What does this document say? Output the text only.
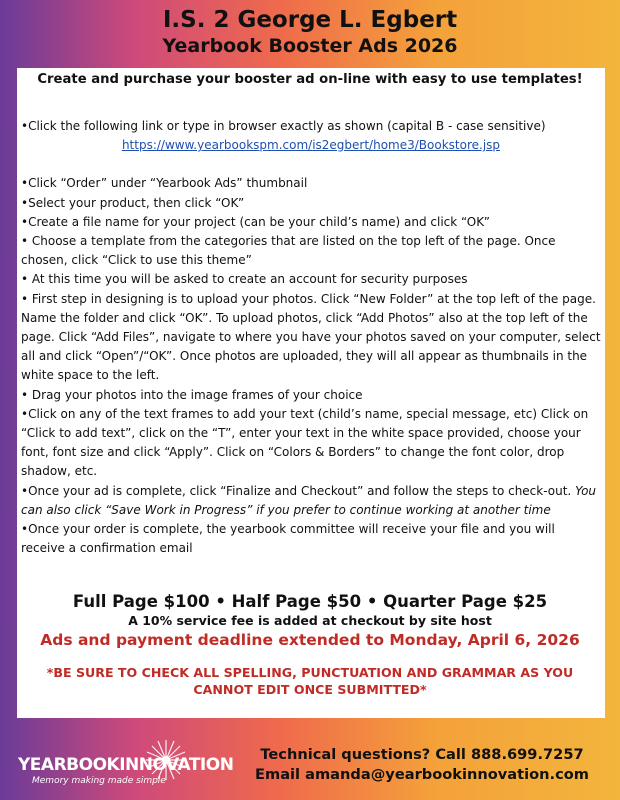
I.S. 2 George L. Egbert
Yearbook Booster Ads 2026
Create and purchase your booster ad on-line with easy to use templates!

•Click the following link or type in browser exactly as shown (capital B - case sensitive)

https://www.yearbookspm.com/is2egbert/home3/Bookstore.jsp

•Click “Order” under “Yearbook Ads” thumbnail

•Select your product, then click “OK”

•Create a file name for your project (can be your child’s name) and click “OK”

• Choose a template from the categories that are listed on the top left of the page. Once chosen, click “Click to use this theme”

• At this time you will be asked to create an account for security purposes

• First step in designing is to upload your photos. Click “New Folder” at the top left of the page. Name the folder and click “OK”. To upload photos, click “Add Photos” also at the top left of the page. Click “Add Files”, navigate to where you have your photos saved on your computer, select all and click “Open”/“OK”. Once photos are uploaded, they will all appear as thumbnails in the white space to the left.

• Drag your photos into the image frames of your choice

•Click on any of the text frames to add your text (child’s name, special message, etc) Click on “Click to add text”, click on the “T”, enter your text in the white space provided, choose your font, font size and click “Apply”. Click on “Colors & Borders” to change the font color, drop shadow, etc.

•Once your ad is complete, click “Finalize and Checkout” and follow the steps to check-out. You can also click “Save Work in Progress” if you prefer to continue working at another time

•Once your order is complete, the yearbook committee will receive your file and you will receive a confirmation email

Full Page $100 • Half Page $50 • Quarter Page $25
A 10% service fee is added at checkout by site host
Ads and payment deadline extended to Monday, April 6, 2026
*BE SURE TO CHECK ALL SPELLING, PUNCTUATION AND GRAMMAR AS YOU CANNOT EDIT ONCE SUBMITTED*
YEARBOOKINNOVATION
Memory making made simple
Technical questions? Call 888.699.7257
Email amanda@yearbookinnovation.com
